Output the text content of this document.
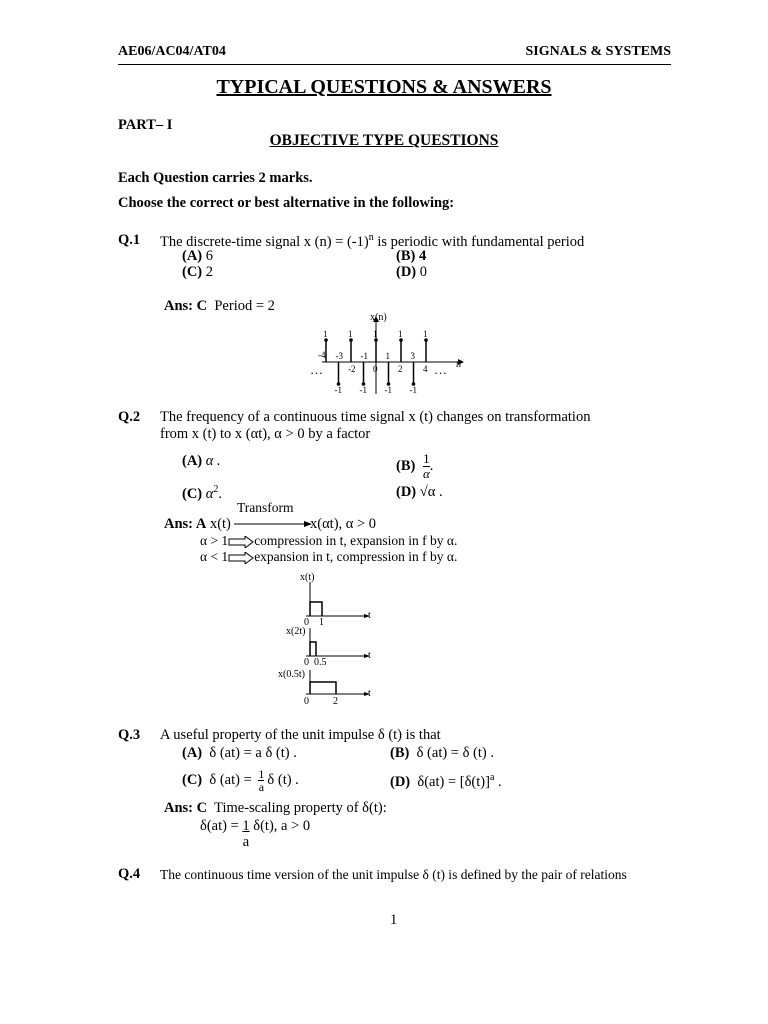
AE06/AC04/AT04	SIGNALS & SYSTEMS
TYPICAL QUESTIONS & ANSWERS
PART– I
OBJECTIVE TYPE QUESTIONS
Each Question carries 2 marks.
Choose the correct or best alternative in the following:
Q.1 The discrete-time signal x $(n) = (-1)^n$ is periodic with fundamental period
(A) 6	(B) 4
(C) 2	(D) 0
Ans: C Period = 2
x(n)
n
…	…
1
-4
-1
-3
1
-2
-1
-1
1
0
-1
1
1
2
-1
3
1
4
Q.2 The frequency of a continuous time signal x (t) changes on transformation
from x (t) to x (αt), α > 0 by a factor
(A) α .	$(B) \frac{1}{\alpha}$ .
(C) $\alpha^2$.	(D) √α .
Transform
Ans: A x(t)	x(αt), α > 0
α > 1 compression in t, expansion in f by α.
α < 1 expansion in t, compression in f by α.
x(t)
0 1
t
x(2t)
0 0.5
t
x(0.5t)
0 2
t
Q.3 A useful property of the unit impulse δ (t) is that
(A) δ (at) = a δ (t) .	(B) δ (at) = δ (t) .
(C) δ $(at) = \frac{1}{a}$ δ (t) .	(D) $\delta(at) = [\delta(t)]^a$ .
Ans: C Time-scaling property of δ(t):
$\delta(at) = \frac{1}{a} \delta(t)$, a > 0
Q.4 The continuous time version of the unit impulse δ (t) is defined by the pair of relations
1
